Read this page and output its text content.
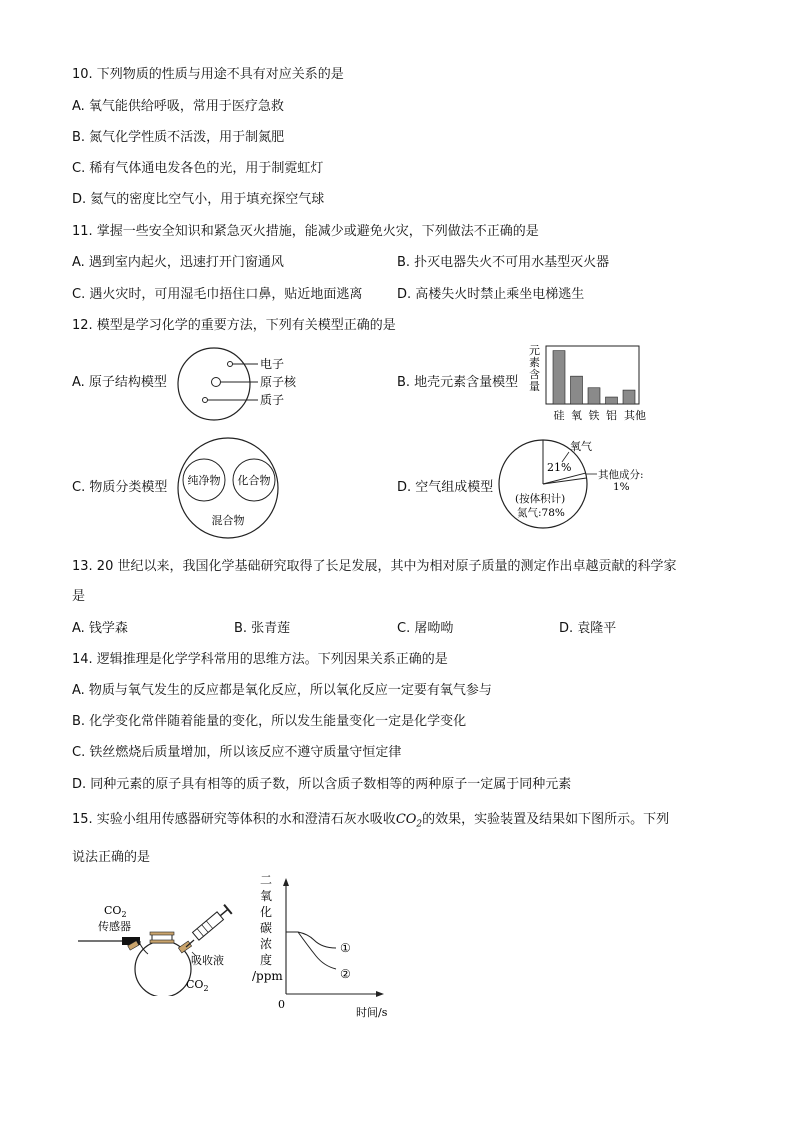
10. 下列物质的性质与用途不具有对应关系的是
A. 氧气能供给呼吸，常用于医疗急救
B. 氮气化学性质不活泼，用于制氮肥
C. 稀有气体通电发各色的光，用于制霓虹灯
D. 氦气的密度比空气小，用于填充探空气球
11. 掌握一些安全知识和紧急灭火措施，能减少或避免火灾，下列做法不正确的是
A. 遇到室内起火，迅速打开门窗通风	B. 扑灭电器失火不可用水基型灭火器
C. 遇火灾时，可用湿毛巾捂住口鼻，贴近地面逃离	D. 高楼失火时禁止乘坐电梯逃生
12. 模型是学习化学的重要方法，下列有关模型正确的是
A. 原子结构模型
电子
原子核
质子
B. 地壳元素含量模型
元
素
含
量
硅 氧 铁 铝 其他
C. 物质分类模型 纯净物 化合物
混合物
D. 空气组成模型
氧气
21%
其他成分:
1%
(按体积计)
氮气:78%
13. 20 世纪以来，我国化学基础研究取得了长足发展，其中为相对原子质量的测定作出卓越贡献的科学家
是
A. 钱学森	B. 张青莲	C. 屠呦呦	D. 袁隆平
14. 逻辑推理是化学学科常用的思维方法。下列因果关系正确的是
A. 物质与氧气发生的反应都是氧化反应，所以氧化反应一定要有氧气参与
B. 化学变化常伴随着能量的变化，所以发生能量变化一定是化学变化
C. 铁丝燃烧后质量增加，所以该反应不遵守质量守恒定律
D. 同种元素的原子具有相等的质子数，所以含质子数相等的两种原子一定属于同种元素
15. 实验小组用传感器研究等体积的水和澄清石灰水吸收$CO_2$的效果，实验装置及结果如下图所示。下列
说法正确的是
$CO_2$
传感器
吸收液
$CO_2$
二
氧
化
碳
浓
度
/ppm
0
时间/s
①
②
